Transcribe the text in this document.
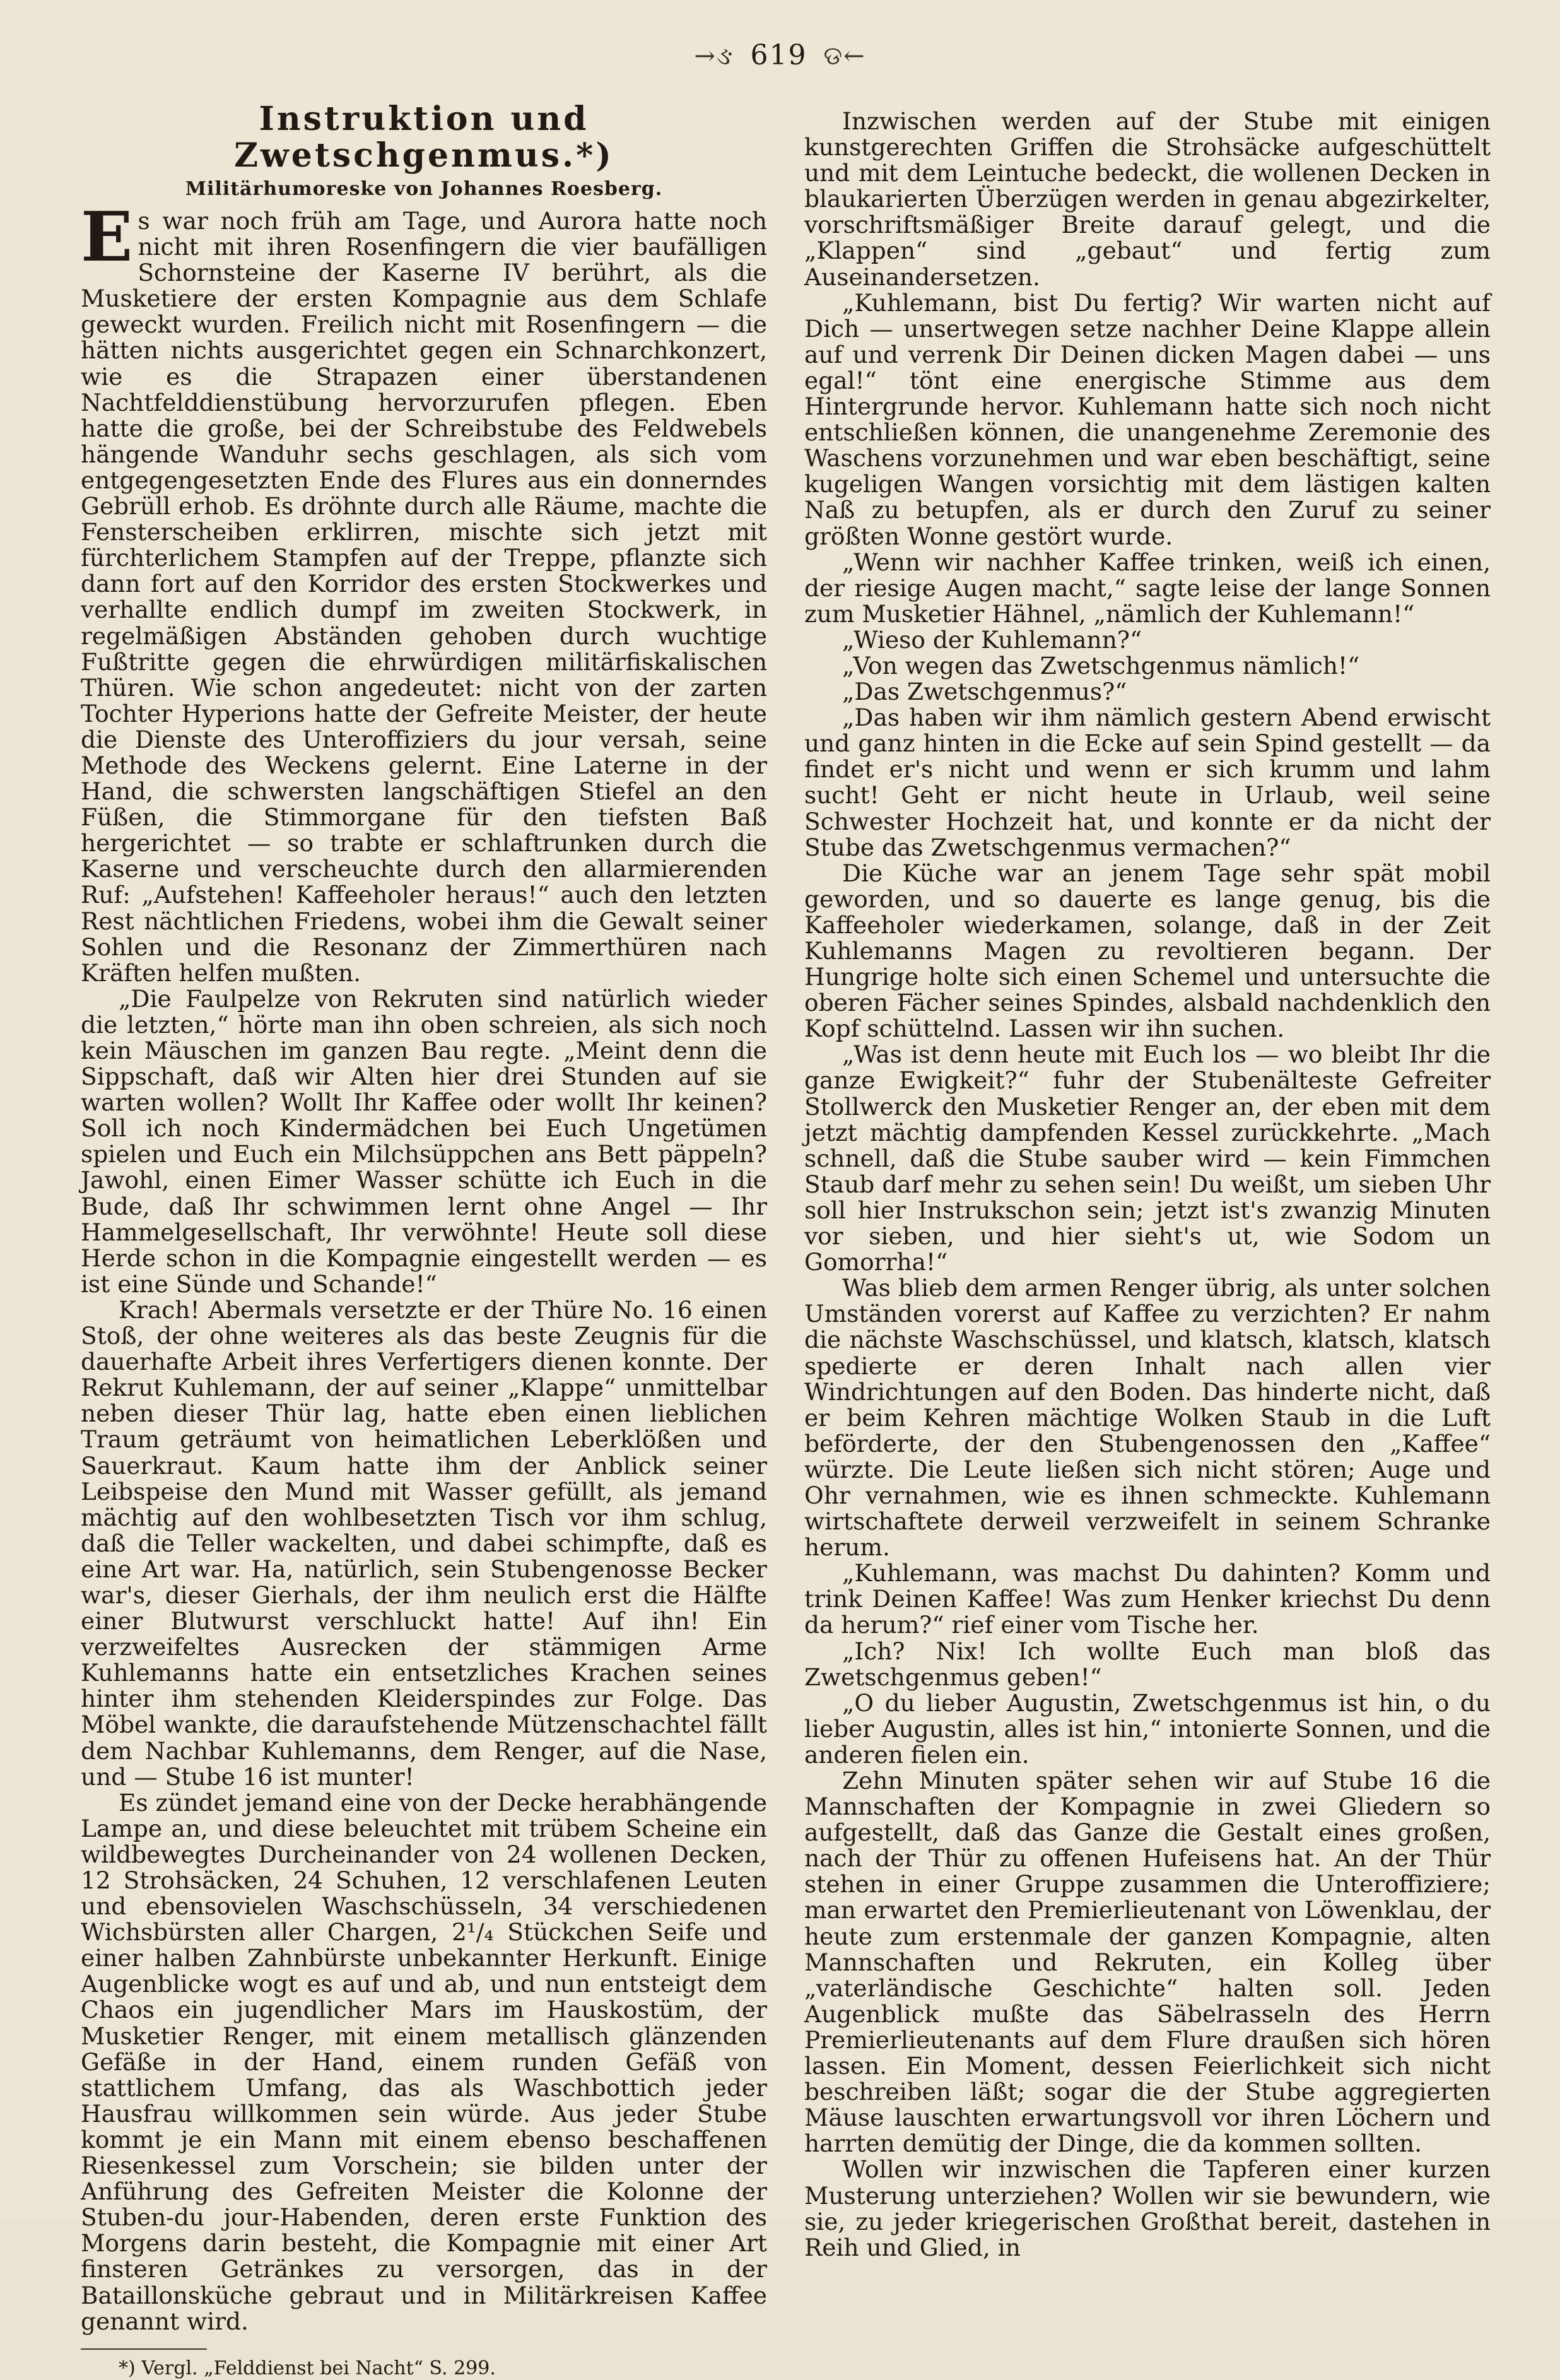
→ઙ 619 ଡ←
Instruktion und Zwetschgenmus.*)
Militärhumoreske von Johannes Roesberg.

Es war noch früh am Tage, und Aurora hatte noch nicht mit ihren Rosenfingern die vier baufälligen Schornsteine der Kaserne IV berührt, als die Musketiere der ersten Kompagnie aus dem Schlafe geweckt wurden. Freilich nicht mit Rosenfingern — die hätten nichts ausgerichtet gegen ein Schnarchkonzert, wie es die Strapazen einer überstandenen Nachtfelddienstübung hervorzurufen pflegen. Eben hatte die große, bei der Schreibstube des Feldwebels hängende Wanduhr sechs geschlagen, als sich vom entgegengesetzten Ende des Flures aus ein donnerndes Gebrüll erhob. Es dröhnte durch alle Räume, machte die Fensterscheiben erklirren, mischte sich jetzt mit fürchterlichem Stampfen auf der Treppe, pflanzte sich dann fort auf den Korridor des ersten Stockwerkes und verhallte endlich dumpf im zweiten Stockwerk, in regelmäßigen Abständen gehoben durch wuchtige Fußtritte gegen die ehrwürdigen militärfiskalischen Thüren. Wie schon angedeutet: nicht von der zarten Tochter Hyperions hatte der Gefreite Meister, der heute die Dienste des Unteroffiziers du jour versah, seine Methode des Weckens gelernt. Eine Laterne in der Hand, die schwersten langschäftigen Stiefel an den Füßen, die Stimmorgane für den tiefsten Baß hergerichtet — so trabte er schlaftrunken durch die Kaserne und verscheuchte durch den allarmierenden Ruf: „Aufstehen! Kaffeeholer heraus!“ auch den letzten Rest nächtlichen Friedens, wobei ihm die Gewalt seiner Sohlen und die Resonanz der Zimmerthüren nach Kräften helfen mußten.

„Die Faulpelze von Rekruten sind natürlich wieder die letzten,“ hörte man ihn oben schreien, als sich noch kein Mäuschen im ganzen Bau regte. „Meint denn die Sippschaft, daß wir Alten hier drei Stunden auf sie warten wollen? Wollt Ihr Kaffee oder wollt Ihr keinen? Soll ich noch Kindermädchen bei Euch Ungetümen spielen und Euch ein Milchsüppchen ans Bett päppeln? Jawohl, einen Eimer Wasser schütte ich Euch in die Bude, daß Ihr schwimmen lernt ohne Angel — Ihr Hammelgesellschaft, Ihr verwöhnte! Heute soll diese Herde schon in die Kompagnie eingestellt werden — es ist eine Sünde und Schande!“

Krach! Abermals versetzte er der Thüre No. 16 einen Stoß, der ohne weiteres als das beste Zeugnis für die dauerhafte Arbeit ihres Verfertigers dienen konnte. Der Rekrut Kuhlemann, der auf seiner „Klappe“ unmittelbar neben dieser Thür lag, hatte eben einen lieblichen Traum geträumt von heimatlichen Leberklößen und Sauerkraut. Kaum hatte ihm der Anblick seiner Leibspeise den Mund mit Wasser gefüllt, als jemand mächtig auf den wohlbesetzten Tisch vor ihm schlug, daß die Teller wackelten, und dabei schimpfte, daß es eine Art war. Ha, natürlich, sein Stubengenosse Becker war's, dieser Gierhals, der ihm neulich erst die Hälfte einer Blutwurst verschluckt hatte! Auf ihn! Ein verzweifeltes Ausrecken der stämmigen Arme Kuhlemanns hatte ein entsetzliches Krachen seines hinter ihm stehenden Kleiderspindes zur Folge. Das Möbel wankte, die daraufstehende Mützenschachtel fällt dem Nachbar Kuhlemanns, dem Renger, auf die Nase, und — Stube 16 ist munter!

Es zündet jemand eine von der Decke herabhängende Lampe an, und diese beleuchtet mit trübem Scheine ein wildbewegtes Durcheinander von 24 wollenen Decken, 12 Strohsäcken, 24 Schuhen, 12 verschlafenen Leuten und ebensovielen Waschschüsseln, 34 verschiedenen Wichsbürsten aller Chargen, 2¹/₄ Stückchen Seife und einer halben Zahnbürste unbekannter Herkunft. Einige Augenblicke wogt es auf und ab, und nun entsteigt dem Chaos ein jugendlicher Mars im Hauskostüm, der Musketier Renger, mit einem metallisch glänzenden Gefäße in der Hand, einem runden Gefäß von stattlichem Umfang, das als Waschbottich jeder Hausfrau willkommen sein würde. Aus jeder Stube kommt je ein Mann mit einem ebenso beschaffenen Riesenkessel zum Vorschein; sie bilden unter der Anführung des Gefreiten Meister die Kolonne der Stuben-du jour-Habenden, deren erste Funktion des Morgens darin besteht, die Kompagnie mit einer Art finsteren Getränkes zu versorgen, das in der Bataillonsküche gebraut und in Militärkreisen Kaffee genannt wird.

*) Vergl. „Felddienst bei Nacht“ S. 299.

Inzwischen werden auf der Stube mit einigen kunstgerechten Griffen die Strohsäcke aufgeschüttelt und mit dem Leintuche bedeckt, die wollenen Decken in blaukarierten Überzügen werden in genau abgezirkelter, vorschriftsmäßiger Breite darauf gelegt, und die „Klappen“ sind „gebaut“ und fertig zum Auseinandersetzen.

„Kuhlemann, bist Du fertig? Wir warten nicht auf Dich — unsertwegen setze nachher Deine Klappe allein auf und verrenk Dir Deinen dicken Magen dabei — uns egal!“ tönt eine energische Stimme aus dem Hintergrunde hervor. Kuhlemann hatte sich noch nicht entschließen können, die unangenehme Zeremonie des Waschens vorzunehmen und war eben beschäftigt, seine kugeligen Wangen vorsichtig mit dem lästigen kalten Naß zu betupfen, als er durch den Zuruf zu seiner größten Wonne gestört wurde.

„Wenn wir nachher Kaffee trinken, weiß ich einen, der riesige Augen macht,“ sagte leise der lange Sonnen zum Musketier Hähnel, „nämlich der Kuhlemann!“

„Wieso der Kuhlemann?“

„Von wegen das Zwetschgenmus nämlich!“

„Das Zwetschgenmus?“

„Das haben wir ihm nämlich gestern Abend erwischt und ganz hinten in die Ecke auf sein Spind gestellt — da findet er's nicht und wenn er sich krumm und lahm sucht! Geht er nicht heute in Urlaub, weil seine Schwester Hochzeit hat, und konnte er da nicht der Stube das Zwetschgenmus vermachen?“

Die Küche war an jenem Tage sehr spät mobil geworden, und so dauerte es lange genug, bis die Kaffeeholer wiederkamen, solange, daß in der Zeit Kuhlemanns Magen zu revoltieren begann. Der Hungrige holte sich einen Schemel und untersuchte die oberen Fächer seines Spindes, alsbald nachdenklich den Kopf schüttelnd. Lassen wir ihn suchen.

„Was ist denn heute mit Euch los — wo bleibt Ihr die ganze Ewigkeit?“ fuhr der Stubenälteste Gefreiter Stollwerck den Musketier Renger an, der eben mit dem jetzt mächtig dampfenden Kessel zurückkehrte. „Mach schnell, daß die Stube sauber wird — kein Fimmchen Staub darf mehr zu sehen sein! Du weißt, um sieben Uhr soll hier Instrukschon sein; jetzt ist's zwanzig Minuten vor sieben, und hier sieht's ut, wie Sodom un Gomorrha!“

Was blieb dem armen Renger übrig, als unter solchen Umständen vorerst auf Kaffee zu verzichten? Er nahm die nächste Waschschüssel, und klatsch, klatsch, klatsch spedierte er deren Inhalt nach allen vier Windrichtungen auf den Boden. Das hinderte nicht, daß er beim Kehren mächtige Wolken Staub in die Luft beförderte, der den Stubengenossen den „Kaffee“ würzte. Die Leute ließen sich nicht stören; Auge und Ohr vernahmen, wie es ihnen schmeckte. Kuhlemann wirtschaftete derweil verzweifelt in seinem Schranke herum.

„Kuhlemann, was machst Du dahinten? Komm und trink Deinen Kaffee! Was zum Henker kriechst Du denn da herum?“ rief einer vom Tische her.

„Ich? Nix! Ich wollte Euch man bloß das Zwetschgenmus geben!“

„O du lieber Augustin, Zwetschgenmus ist hin, o du lieber Augustin, alles ist hin,“ intonierte Sonnen, und die anderen fielen ein.

Zehn Minuten später sehen wir auf Stube 16 die Mannschaften der Kompagnie in zwei Gliedern so aufgestellt, daß das Ganze die Gestalt eines großen, nach der Thür zu offenen Hufeisens hat. An der Thür stehen in einer Gruppe zusammen die Unteroffiziere; man erwartet den Premierlieutenant von Löwenklau, der heute zum erstenmale der ganzen Kompagnie, alten Mannschaften und Rekruten, ein Kolleg über „vaterländische Geschichte“ halten soll. Jeden Augenblick mußte das Säbelrasseln des Herrn Premierlieutenants auf dem Flure draußen sich hören lassen. Ein Moment, dessen Feierlichkeit sich nicht beschreiben läßt; sogar die der Stube aggregierten Mäuse lauschten erwartungsvoll vor ihren Löchern und harrten demütig der Dinge, die da kommen sollten.

Wollen wir inzwischen die Tapferen einer kurzen Musterung unterziehen? Wollen wir sie bewundern, wie sie, zu jeder kriegerischen Großthat bereit, dastehen in Reih und Glied, in
